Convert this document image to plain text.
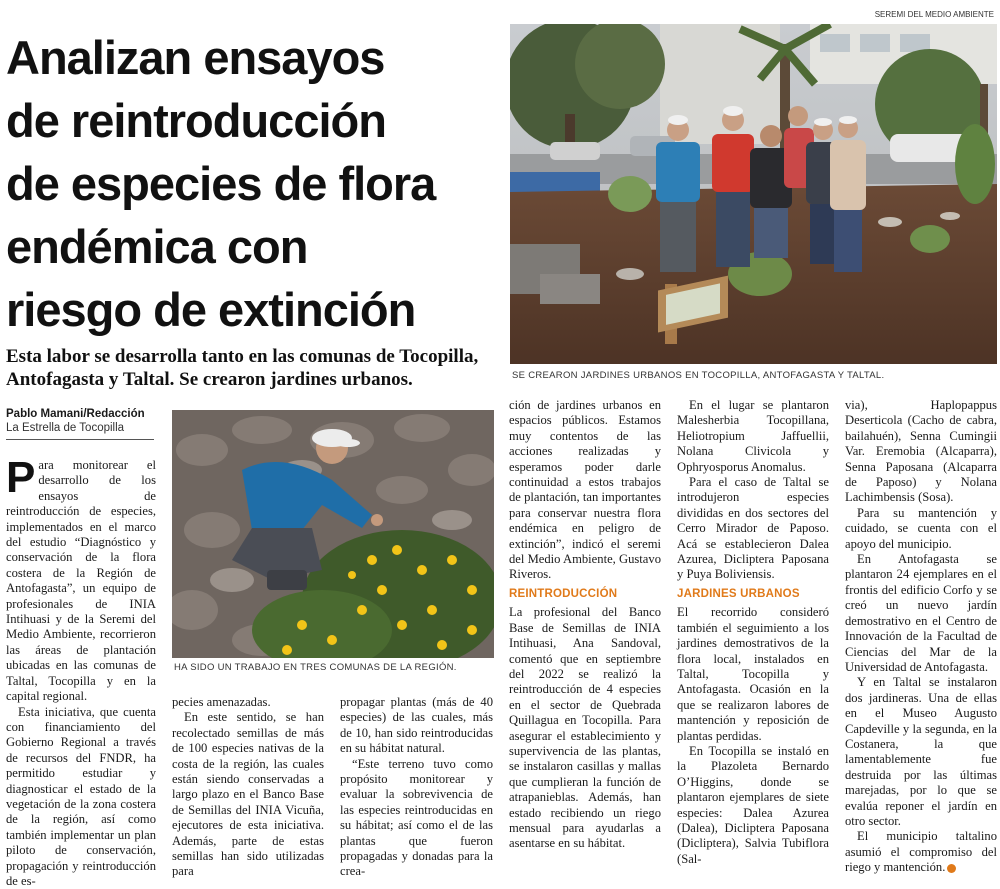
SEREMI DEL MEDIO AMBIENTE
Analizan ensayos
de reintroducción
de especies de flora
endémica con
riesgo de extinción
Esta labor se desarrolla tanto en las comunas de Tocopilla, Antofagasta y Taltal. Se crearon jardines urbanos.
Pablo Mamani/Redacción
La Estrella de Tocopilla
SE CREARON JARDINES URBANOS EN TOCOPILLA, ANTOFAGASTA Y TALTAL.
HA SIDO UN TRABAJO EN TRES COMUNAS DE LA REGIÓN.

Para monitorear el desarrollo de los ensayos de reintroducción de especies, implementados en el marco del estudio “Diagnóstico y conservación de la flora costera de la Región de Antofagasta”, un equipo de profesionales de INIA Intihuasi y de la Seremi del Medio Ambiente, recorrieron las áreas de plantación ubicadas en las comunas de Taltal, Tocopilla y en la capital regional.

Esta iniciativa, que cuenta con financiamiento del Gobierno Regional a través de recursos del FNDR, ha permitido estudiar y diagnosticar el estado de la vegetación de la zona costera de la región, así como también implementar un plan piloto de conservación, propagación y reintroducción de es-

pecies amenazadas.

En este sentido, se han recolectado semillas de más de 100 especies nativas de la costa de la región, las cuales están siendo conservadas a largo plazo en el Banco Base de Semillas del INIA Vicuña, ejecutores de esta iniciativa. Además, parte de estas semillas han sido utilizadas para

propagar plantas (más de 40 especies) de las cuales, más de 10, han sido reintroducidas en su hábitat natural.

“Este terreno tuvo como propósito monitorear y evaluar la sobrevivencia de las especies reintroducidas en su hábitat; así como el de las plantas que fueron propagadas y donadas para la crea-

ción de jardines urbanos en espacios públicos. Estamos muy contentos de las acciones realizadas y esperamos poder darle continuidad a estos trabajos de plantación, tan importantes para conservar nuestra flora endémica en peligro de extinción”, indicó el seremi del Medio Ambiente, Gustavo Riveros.

REINTRODUCCIÓN

La profesional del Banco Base de Semillas de INIA Intihuasi, Ana Sandoval, comentó que en septiembre del 2022 se realizó la reintroducción de 4 especies en el sector de Quebrada Quillagua en Tocopilla. Para asegurar el establecimiento y supervivencia de las plantas, se instalaron casillas y mallas que cumplieran la función de atrapanieblas. Además, han estado recibiendo un riego mensual para ayudarlas a asentarse en su hábitat.

En el lugar se plantaron Malesherbia Tocopillana, Heliotropium Jaffuellii, Nolana Clivicola y Ophryosporus Anomalus.

Para el caso de Taltal se introdujeron especies divididas en dos sectores del Cerro Mirador de Paposo. Acá se establecieron Dalea Azurea, Dicliptera Paposana y Puya Boliviensis.

JARDINES URBANOS

El recorrido consideró también el seguimiento a los jardines demostrativos de la flora local, instalados en Taltal, Tocopilla y Antofagasta. Ocasión en la que se realizaron labores de mantención y reposición de plantas perdidas.

En Tocopilla se instaló en la Plazoleta Bernardo O’Higgins, donde se plantaron ejemplares de siete especies: Dalea Azurea (Dalea), Dicliptera Paposana (Dicliptera), Salvia Tubiflora (Sal-

via), Haplopappus Deserticola (Cacho de cabra, bailahuén), Senna Cumingii Var. Eremobia (Alcaparra), Senna Paposana (Alcaparra de Paposo) y Nolana Lachimbensis (Sosa).

Para su mantención y cuidado, se cuenta con el apoyo del municipio.

En Antofagasta se plantaron 24 ejemplares en el frontis del edificio Corfo y se creó un nuevo jardín demostrativo en el Centro de Innovación de la Facultad de Ciencias del Mar de la Universidad de Antofagasta.

Y en Taltal se instalaron dos jardineras. Una de ellas en el Museo Augusto Capdeville y la segunda, en la Costanera, la que lamentablemente fue destruida por las últimas marejadas, por lo que se evalúa reponer el jardín en otro sector.

El municipio taltalino asumió el compromiso del riego y mantención.
